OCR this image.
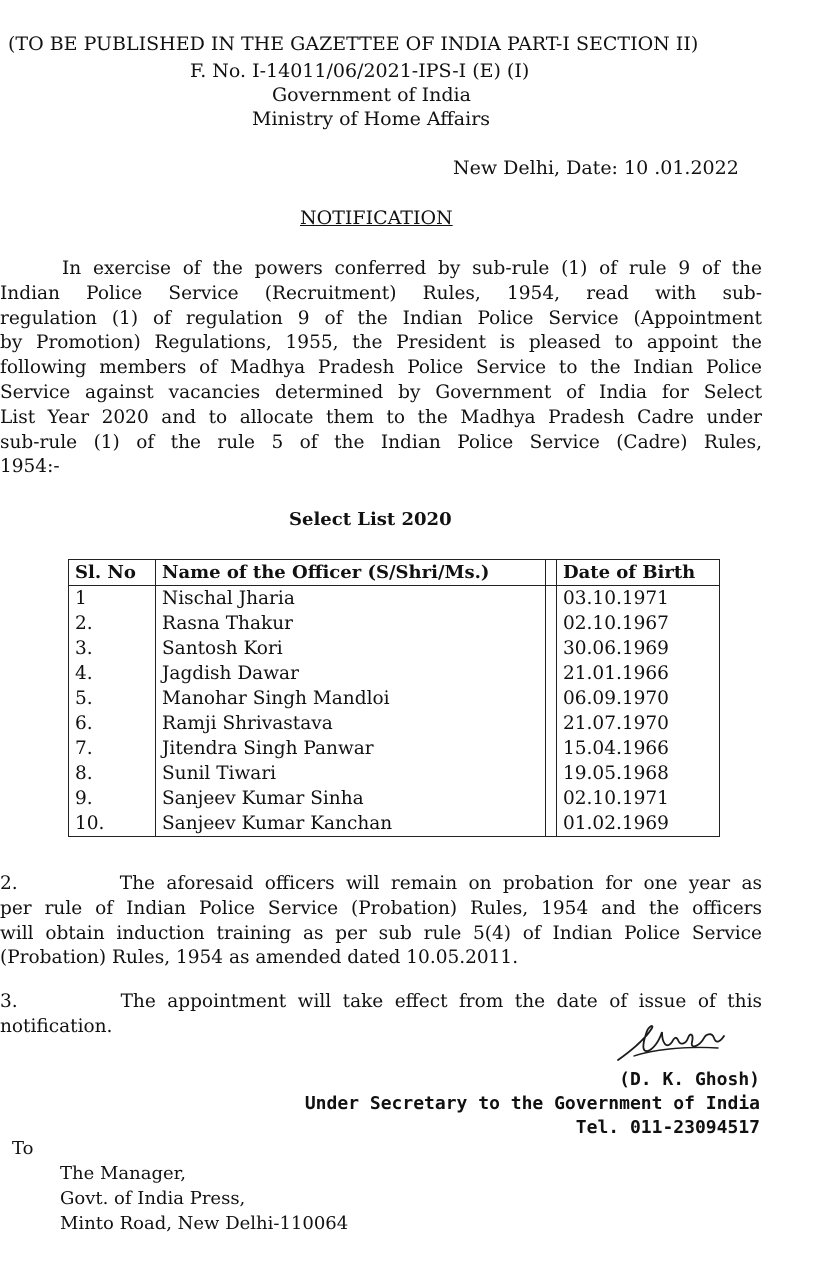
(TO BE PUBLISHED IN THE GAZETTEE OF INDIA PART-I SECTION II)
F. No. I-14011/06/2021-IPS-I (E) (I)
Government of India
Ministry of Home Affairs
New Delhi, Date: 10 .01.2022
NOTIFICATION
In exercise of the powers conferred by sub-rule (1) of rule 9 of the
Indian Police Service (Recruitment) Rules, 1954, read with sub-
regulation (1) of regulation 9 of the Indian Police Service (Appointment
by Promotion) Regulations, 1955, the President is pleased to appoint the
following members of Madhya Pradesh Police Service to the Indian Police
Service against vacancies determined by Government of India for Select
List Year 2020 and to allocate them to the Madhya Pradesh Cadre under
sub-rule (1) of the rule 5 of the Indian Police Service (Cadre) Rules,
1954:-
Select List 2020
Sl. No	Name of the Officer (S/Shri/Ms.)		Date of Birth
1	Nischal Jharia		03.10.1971
2.	Rasna Thakur		02.10.1967
3.	Santosh Kori		30.06.1969
4.	Jagdish Dawar		21.01.1966
5.	Manohar Singh Mandloi		06.09.1970
6.	Ramji Shrivastava		21.07.1970
7.	Jitendra Singh Panwar		15.04.1966
8.	Sunil Tiwari		19.05.1968
9.	Sanjeev Kumar Sinha		02.10.1971
10.	Sanjeev Kumar Kanchan		01.02.1969
2.         The aforesaid officers will remain on probation for one year as
per rule of Indian Police Service (Probation) Rules, 1954 and the officers
will obtain induction training as per sub rule 5(4) of Indian Police Service
(Probation) Rules, 1954 as amended dated 10.05.2011.
3.         The appointment will take effect from the date of issue of this
notification.
(D. K. Ghosh)
Under Secretary to the Government of India
Tel. 011-23094517
To
The Manager,
Govt. of India Press,
Minto Road, New Delhi-110064
